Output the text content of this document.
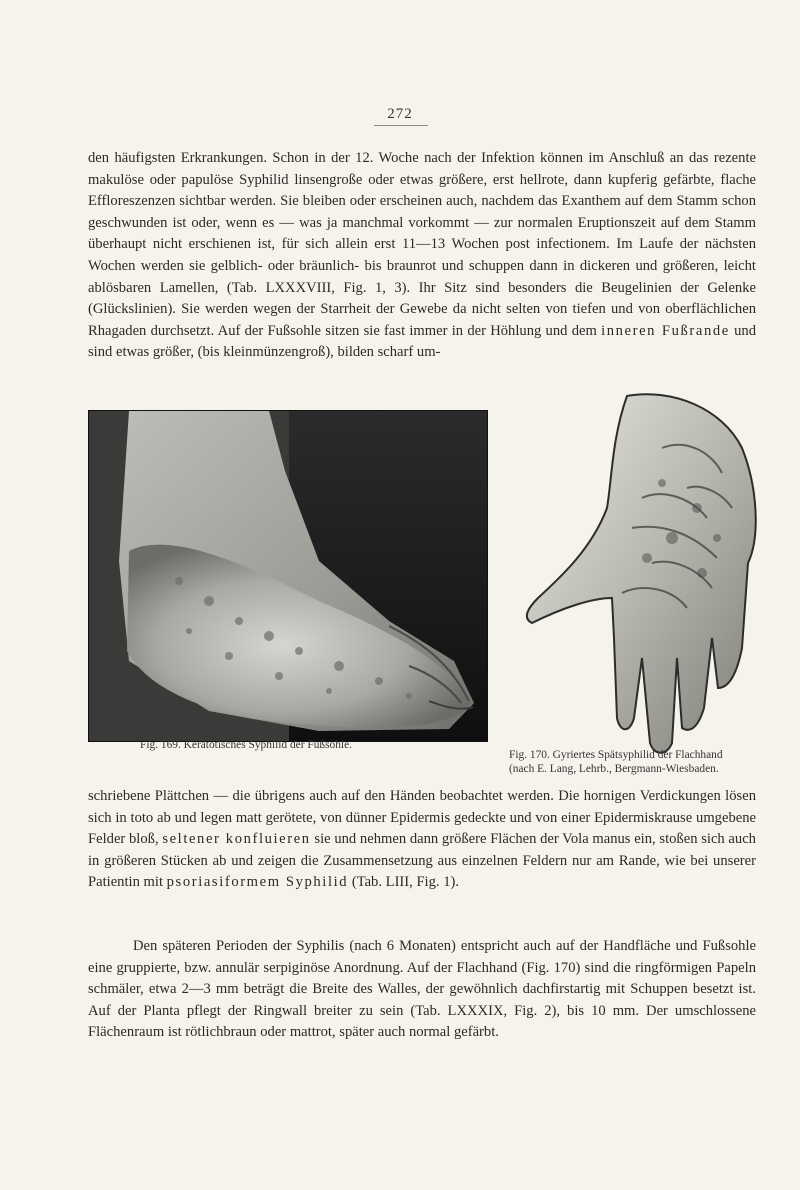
272

den häufigsten Erkrankungen. Schon in der 12. Woche nach der Infektion können im Anschluß an das rezente makulöse oder papulöse Syphilid linsengroße oder etwas größere, erst hellrote, dann kupferig gefärbte, flache Effloreszenzen sichtbar werden. Sie bleiben oder erscheinen auch, nachdem das Exanthem auf dem Stamm schon geschwunden ist oder, wenn es — was ja manchmal vorkommt — zur normalen Eruptionszeit auf dem Stamm überhaupt nicht erschienen ist, für sich allein erst 11—13 Wochen post infectionem. Im Laufe der nächsten Wochen werden sie gelblich- oder bräunlich- bis braunrot und schuppen dann in dickeren und größeren, leicht ablösbaren Lamellen, (Tab. LXXXVIII, Fig. 1, 3). Ihr Sitz sind besonders die Beugelinien der Gelenke (Glückslinien). Sie werden wegen der Starrheit der Gewebe da nicht selten von tiefen und von oberflächlichen Rhagaden durchsetzt. Auf der Fußsohle sitzen sie fast immer in der Höhlung und dem inneren Fußrande und sind etwas größer, (bis kleinmünzengroß), bilden scharf um-

Fig. 169. Keratotisches Syphilid der Fußsohle.

Fig. 170. Gyriertes Spätsyphilid der Flachhand
(nach E. Lang, Lehrb., Bergmann-Wiesbaden.

schriebene Plättchen — die übrigens auch auf den Händen beobachtet werden. Die hornigen Verdickungen lösen sich in toto ab und legen matt gerötete, von dünner Epidermis gedeckte und von einer Epidermiskrause umgebene Felder bloß, seltener konfluieren sie und nehmen dann größere Flächen der Vola manus ein, stoßen sich auch in größeren Stücken ab und zeigen die Zusammensetzung aus einzelnen Feldern nur am Rande, wie bei unserer Patientin mit psoriasiformem Syphilid (Tab. LIII, Fig. 1).

Den späteren Perioden der Syphilis (nach 6 Monaten) entspricht auch auf der Handfläche und Fußsohle eine gruppierte, bzw. annulär serpiginöse Anordnung. Auf der Flachhand (Fig. 170) sind die ringförmigen Papeln schmäler, etwa 2—3 mm beträgt die Breite des Walles, der gewöhnlich dachfirstartig mit Schuppen besetzt ist. Auf der Planta pflegt der Ringwall breiter zu sein (Tab. LXXXIX, Fig. 2), bis 10 mm. Der umschlossene Flächenraum ist rötlichbraun oder mattrot, später auch normal gefärbt.
